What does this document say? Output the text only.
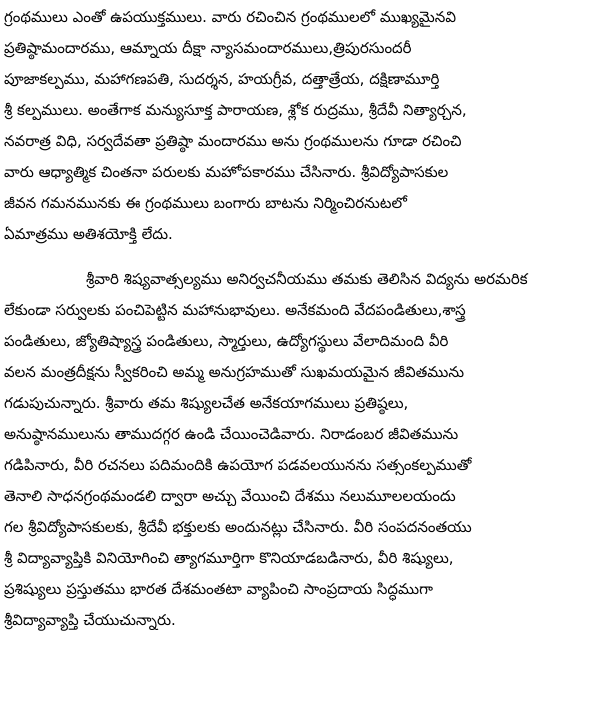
గ్రంథములు ఎంతో ఉపయుక్తములు. వారు రచించిన గ్రంథములలో ముఖ్యమైనవి
ప్రతిష్ఠామందారము, ఆమ్నాయ దీక్షా న్యాసమందారములు,త్రిపురసుందరీ
పూజాకల్పము, మహాగణపతి, సుదర్శన, హయగ్రీవ, దత్తాత్రేయ, దక్షిణామూర్తి
శ్రీ కల్పములు. అంతేగాక మన్యుసూక్త పారాయణ, శ్లోక రుద్రము, శ్రీదేవీ నిత్యార్చన,
నవరాత్ర విధి, సర్వదేవతా ప్రతిష్ఠా మందారము అను గ్రంథములను గూడా రచించి
వారు ఆధ్యాత్మిక చింతనా పరులకు మహోపకారము చేసినారు. శ్రీవిద్యోపాసకుల
జీవన గమనమునకు ఈ గ్రంథములు బంగారు బాటను నిర్మించిరనుటలో
ఏమాత్రము అతిశయోక్తి లేదు.
శ్రీవారి శిష్యవాత్సల్యము అనిర్వచనీయము తమకు తెలిసిన విద్యను అరమరిక
లేకుండా సర్వులకు పంచిపెట్టిన మహానుభావులు. అనేకమంది వేదపండితులు,శాస్త్ర
పండితులు, జ్యోతిష్యాస్త్ర పండితులు, స్మార్తులు, ఉద్యోగస్థులు వేలాదిమంది వీరి
వలన మంత్రదీక్షను స్వీకరించి అమ్మ అనుగ్రహముతో సుఖమయమైన జీవితమును
గడుపుచున్నారు. శ్రీవారు తమ శిష్యులచేత అనేకయాగములు ప్రతిష్ఠలు,
అనుష్ఠానములును తాముదగ్గర ఉండి చేయించెడివారు. నిరాడంబర జీవితమును
గడిపినారు, వీరి రచనలు పదిమందికి ఉపయోగ పడవలయునను సత్సంకల్పముతో
తెనాలి సాధనగ్రంథమండలి ద్వారా అచ్చు వేయించి దేశము నలుమూలలయందు
గల శ్రీవిద్యోపాసకులకు, శ్రీదేవీ భక్తులకు అందునట్లు చేసినారు. వీరి సంపదనంతయు
శ్రీ విద్యావ్యాప్తికి వినియోగించి త్యాగమూర్తిగా కొనియాడబడినారు, వీరి శిష్యులు,
ప్రశిష్యులు ప్రస్తుతము భారత దేశమంతటా వ్యాపించి సాంప్రదాయ సిద్ధముగా
శ్రీవిద్యావ్యాప్తి చేయుచున్నారు.
